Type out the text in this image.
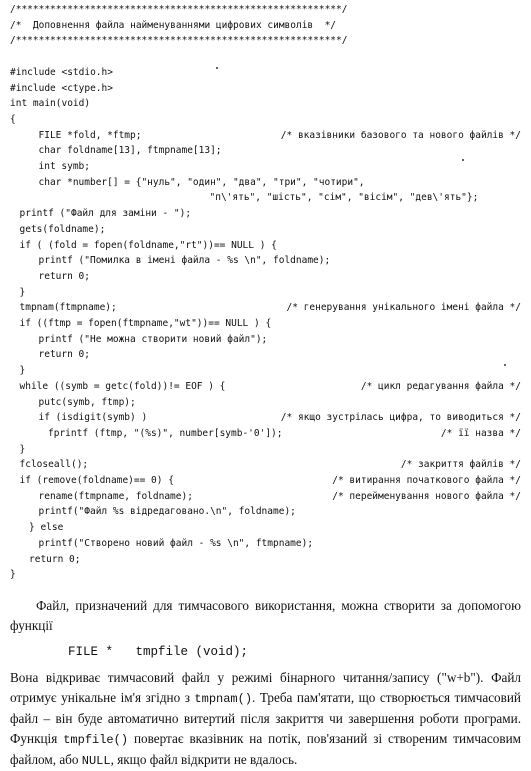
/*********************************************************/
/*  Доповнення файла найменуваннями цифрових символів  */
/*********************************************************/
#include <stdio.h>
#include <ctype.h>
int main(void)
{
FILE *fold, *ftmp;	/* вказівники базового та нового файлів */
char foldname[13], ftmpname[13];
int symb;
char *number[] = {"нуль", "один", "два", "три", "чотири",
"п\'ять", "шість", "сім", "вісім", "дев\'ять"};
printf ("Файл для заміни - ");
gets(foldname);
if ( (fold = fopen(foldname,"rt"))== NULL ) {
printf ("Помилка в імені файла - %s \n", foldname);
return 0;
}
tmpnam(ftmpname);	/* генерування унікального імені файла */
if ((ftmp = fopen(ftmpname,"wt"))== NULL ) {
printf ("Не можна створити новий файл");
return 0;
}
while ((symb = getc(fold))!= EOF ) {	/* цикл редагування файла */
putc(symb, ftmp);
if (isdigit(symb) )	/* якщо зустрілась цифра, то виводиться */
fprintf (ftmp, "(%s)", number[symb-'0']);	/* її назва */
}
fcloseall();	/* закриття файлів */
if (remove(foldname)== 0) {	/* витирання початкового файла */
rename(ftmpname, foldname);	/* перейменування нового файла */
printf("Файл %s відредаговано.\n", foldname);
} else
printf("Створено новий файл - %s \n", ftmpname);
return 0;
}

Файл, призначений для тимчасового використання, можна створити за допомогою функції

FILE *   tmpfile (void);

Вона відкриває тимчасовий файл у режимі бінарного читання/запису ("w+b"). Файл отримує унікальне ім'я згідно з tmpnam(). Треба пам'ятати, що створюється тимчасовий файл – він буде автоматично витертий після закриття чи завершення роботи програми. Функція tmpfile() повертає вказівник на потік, пов'язаний зі створеним тимчасовим файлом, або NULL, якщо файл відкрити не вдалось.
